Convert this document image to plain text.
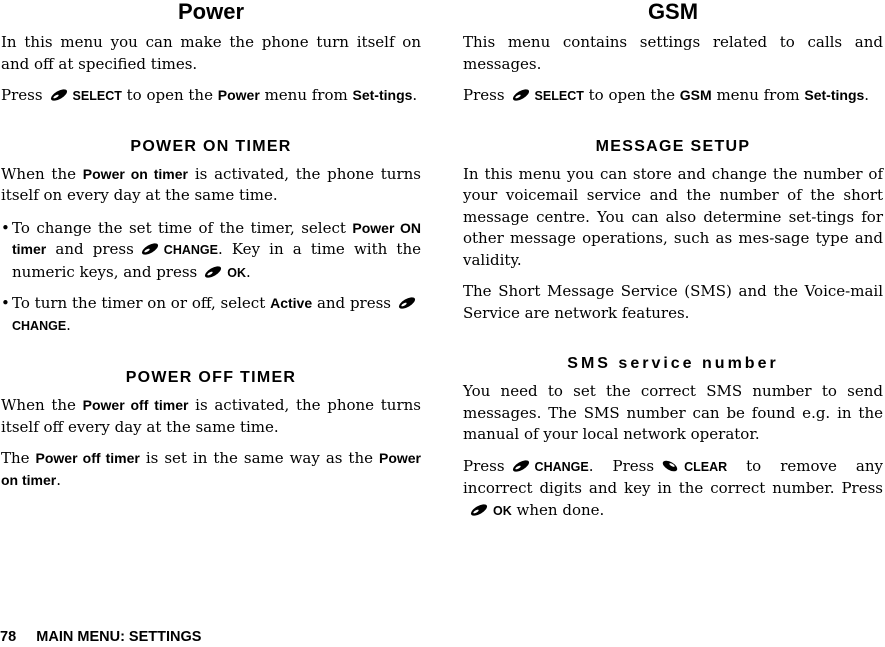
Power

In this menu you can make the phone turn itself on and off at specified times.

Press SELECT to open the Power menu from Set-tings.

POWER ON TIMER

When the Power on timer is activated, the phone turns itself on every day at the same time.

• To change the set time of the timer, select Power ON timer and press CHANGE. Key in a time with the numeric keys, and press OK.

• To turn the timer on or off, select Active and pressCHANGE.

POWER OFF TIMER

When the Power off timer is activated, the phone turns itself off every day at the same time.

The Power off timer is set in the same way as the Power on timer.

GSM

This menu contains settings related to calls and messages.

Press SELECT to open the GSM menu from Set-tings.

MESSAGE SETUP

In this menu you can store and change the number of your voicemail service and the number of the short message centre. You can also determine set-tings for other message operations, such as mes-sage type and validity.

The Short Message Service (SMS) and the Voice-mail Service are network features.

SMS service number

You need to set the correct SMS number to send messages. The SMS number can be found e.g. in the manual of your local network operator.

Press CHANGE. Press CLEAR to remove any incorrect digits and key in the correct number. PressOK when done.

78 MAIN MENU: SETTINGS
